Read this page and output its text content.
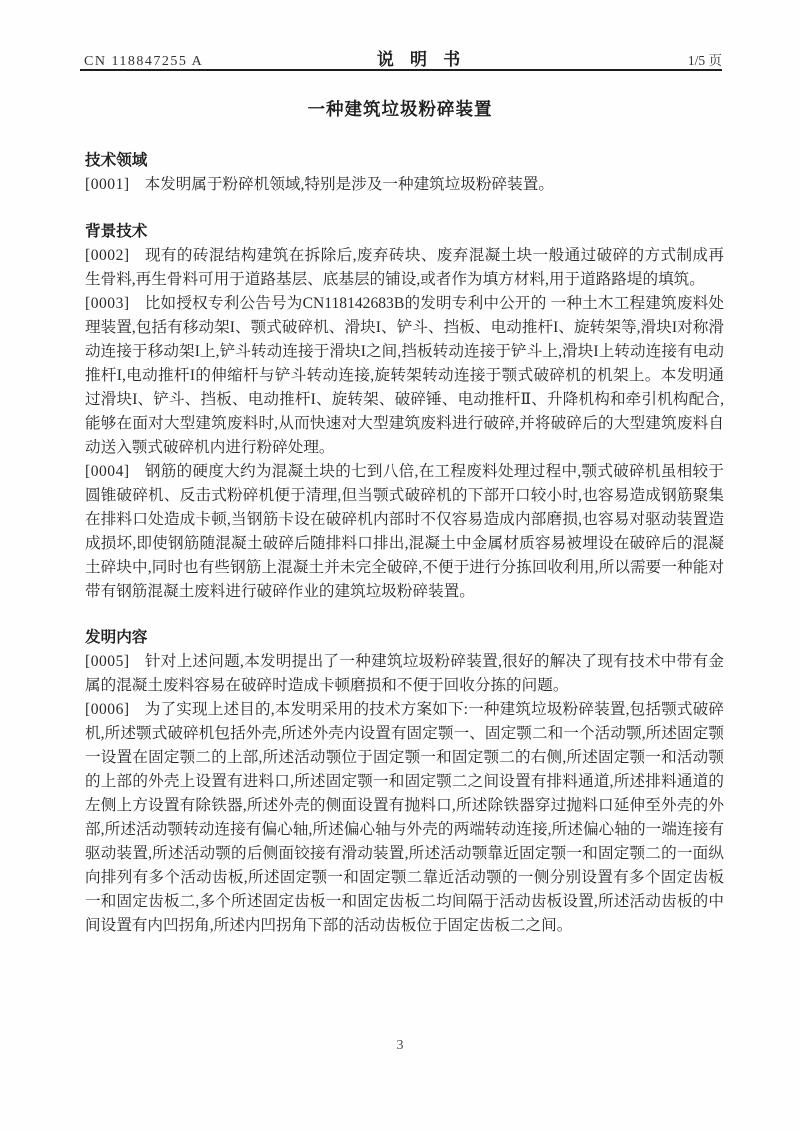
CN 118847255 A	说 明 书	1/5 页
一种建筑垃圾粉碎装置
技术领域

[0001] 本发明属于粉碎机领域,特别是涉及一种建筑垃圾粉碎装置。

背景技术

[0002] 现有的砖混结构建筑在拆除后,废弃砖块、废弃混凝土块一般通过破碎的方式制成再生骨料,再生骨料可用于道路基层、底基层的铺设,或者作为填方材料,用于道路路堤的填筑。

[0003] 比如授权专利公告号为CN118142683B的发明专利中公开的 一种土木工程建筑废料处理装置,包括有移动架I、颚式破碎机、滑块I、铲斗、挡板、电动推杆I、旋转架等,滑块I对称滑动连接于移动架I上,铲斗转动连接于滑块I之间,挡板转动连接于铲斗上,滑块I上转动连接有电动推杆I,电动推杆I的伸缩杆与铲斗转动连接,旋转架转动连接于颚式破碎机的机架上。本发明通过滑块I、铲斗、挡板、电动推杆I、旋转架、破碎锤、电动推杆Ⅱ、升降机构和牵引机构配合,能够在面对大型建筑废料时,从而快速对大型建筑废料进行破碎,并将破碎后的大型建筑废料自动送入颚式破碎机内进行粉碎处理。

[0004] 钢筋的硬度大约为混凝土块的七到八倍,在工程废料处理过程中,颚式破碎机虽相较于圆锥破碎机、反击式粉碎机便于清理,但当颚式破碎机的下部开口较小时,也容易造成钢筋聚集在排料口处造成卡顿,当钢筋卡设在破碎机内部时不仅容易造成内部磨损,也容易对驱动装置造成损坏,即使钢筋随混凝土破碎后随排料口排出,混凝土中金属材质容易被埋设在破碎后的混凝土碎块中,同时也有些钢筋上混凝土并未完全破碎,不便于进行分拣回收利用,所以需要一种能对带有钢筋混凝土废料进行破碎作业的建筑垃圾粉碎装置。

发明内容

[0005] 针对上述问题,本发明提出了一种建筑垃圾粉碎装置,很好的解决了现有技术中带有金属的混凝土废料容易在破碎时造成卡顿磨损和不便于回收分拣的问题。

[0006] 为了实现上述目的,本发明采用的技术方案如下:一种建筑垃圾粉碎装置,包括颚式破碎机,所述颚式破碎机包括外壳,所述外壳内设置有固定颚一、固定颚二和一个活动颚,所述固定颚一设置在固定颚二的上部,所述活动颚位于固定颚一和固定颚二的右侧,所述固定颚一和活动颚的上部的外壳上设置有进料口,所述固定颚一和固定颚二之间设置有排料通道,所述排料通道的左侧上方设置有除铁器,所述外壳的侧面设置有抛料口,所述除铁器穿过抛料口延伸至外壳的外部,所述活动颚转动连接有偏心轴,所述偏心轴与外壳的两端转动连接,所述偏心轴的一端连接有驱动装置,所述活动颚的后侧面铰接有滑动装置,所述活动颚靠近固定颚一和固定颚二的一面纵向排列有多个活动齿板,所述固定颚一和固定颚二靠近活动颚的一侧分别设置有多个固定齿板一和固定齿板二,多个所述固定齿板一和固定齿板二均间隔于活动齿板设置,所述活动齿板的中间设置有内凹拐角,所述内凹拐角下部的活动齿板位于固定齿板二之间。

3
